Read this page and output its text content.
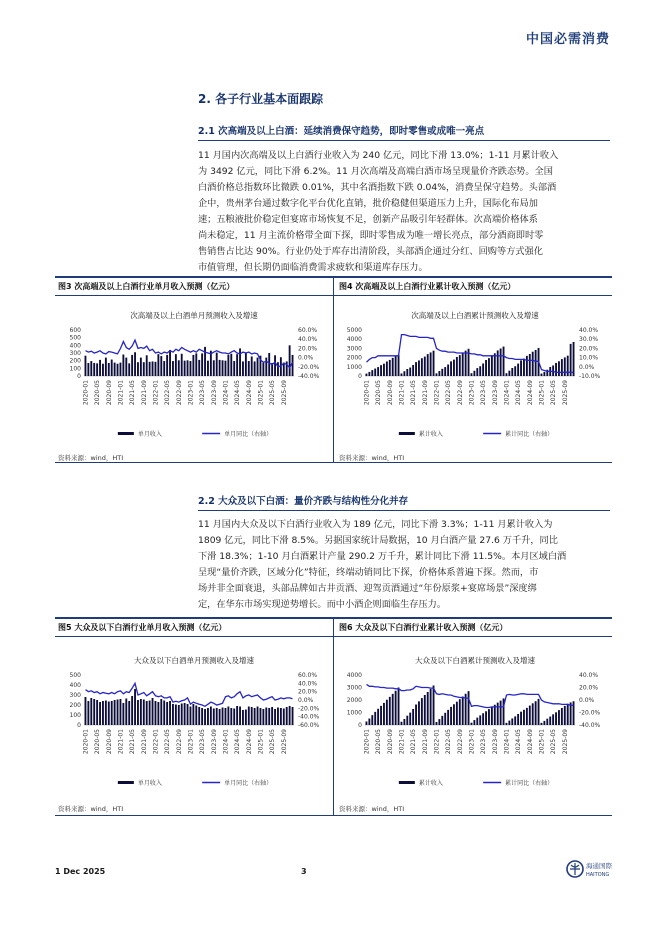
中国必需消费
2. 各子行业基本面跟踪
2.1 次高端及以上白酒：延续消费保守趋势，即时零售或成唯一亮点
11 月国内次高端及以上白酒行业收入为 240 亿元，同比下滑 13.0%；1-11 月累计收入
为 3492 亿元，同比下滑 6.2%。11 月次高端及高端白酒市场呈现量价齐跌态势。全国
白酒价格总指数环比微跌 0.01%，其中名酒指数下跌 0.04%，消费呈保守趋势。头部酒
企中，贵州茅台通过数字化平台优化直销，批价稳健但渠道压力上升，国际化布局加
速；五粮液批价稳定但宴席市场恢复不足，创新产品吸引年轻群体。次高端价格体系
尚未稳定，11 月主流价格带全面下探，即时零售成为唯一增长亮点，部分酒商即时零
售销售占比达 90%。行业仍处于库存出清阶段，头部酒企通过分红、回购等方式强化
市值管理，但长期仍面临消费需求疲软和渠道库存压力。
图3 次高端及以上白酒行业单月收入预测（亿元）	图4 次高端及以上白酒行业累计收入预测（亿元）
资料来源：wind，HTI	资料来源：wind，HTI
次高端及以上白酒单月预测收入及增速
0
100
200
300
400
500
600
-40.0%
-20.0%
0.0%
20.0%
40.0%
60.0%
2020-01 2020-05 2020-09 2021-01 2021-05 2021-09 2022-01 2022-05 2022-09 2023-01 2023-05 2023-09 2024-01 2024-05 2024-09 2025-01 2025-05 2025-09
单月收入	单月同比（右轴）
次高端及以上白酒累计预测收入及增速
0
1000
2000
3000
4000
5000
-10.0%
0.0%
10.0%
20.0%
30.0%
40.0%
2020-01 2020-05 2020-09 2021-01 2021-05 2021-09 2022-01 2022-05 2022-09 2023-01 2023-05 2023-09 2024-01 2024-05 2024-09 2025-01 2025-05 2025-09
累计收入	累计同比（右轴）
2.2 大众及以下白酒：量价齐跌与结构性分化并存
11 月国内大众及以下白酒行业收入为 189 亿元，同比下滑 3.3%；1-11 月累计收入为
1809 亿元，同比下滑 8.5%。另据国家统计局数据，10 月白酒产量 27.6 万千升，同比
下滑 18.3%；1-10 月白酒累计产量 290.2 万千升，累计同比下滑 11.5%。本月区域白酒
呈现“量价齐跌，区域分化”特征，终端动销同比下探，价格体系普遍下探。然而，市
场并非全面衰退，头部品牌如古井贡酒、迎驾贡酒通过“年份原浆+宴席场景”深度绑
定，在华东市场实现逆势增长。而中小酒企则面临生存压力。
图5 大众及以下白酒行业单月收入预测（亿元）	图6 大众及以下白酒行业累计收入预测（亿元）
资料来源：wind，HTI	资料来源：wind，HTI
大众及以下白酒单月预测收入及增速
0
100
200
300
400
500
-60.0%
-40.0%
-20.0%
0.0%
20.0%
40.0%
60.0%
2020-01 2020-05 2020-09 2021-01 2021-05 2021-09 2022-01 2022-05 2022-09 2023-01 2023-05 2023-09 2024-01 2024-05 2024-09 2025-01 2025-05 2025-09
单月收入	单月同比（右轴）
大众及以下白酒累计预测收入及增速
0
1000
2000
3000
4000
-40.0%
-20.0%
0.0%
20.0%
40.0%
2020-01 2020-05 2020-09 2021-01 2021-05 2021-09 2022-01 2022-05 2022-09 2023-01 2023-05 2023-09 2024-01 2024-05 2024-09 2025-01 2025-05 2025-09
累计收入	累计同比（右轴）
1 Dec 2025	3
海通国際
HAITONG
